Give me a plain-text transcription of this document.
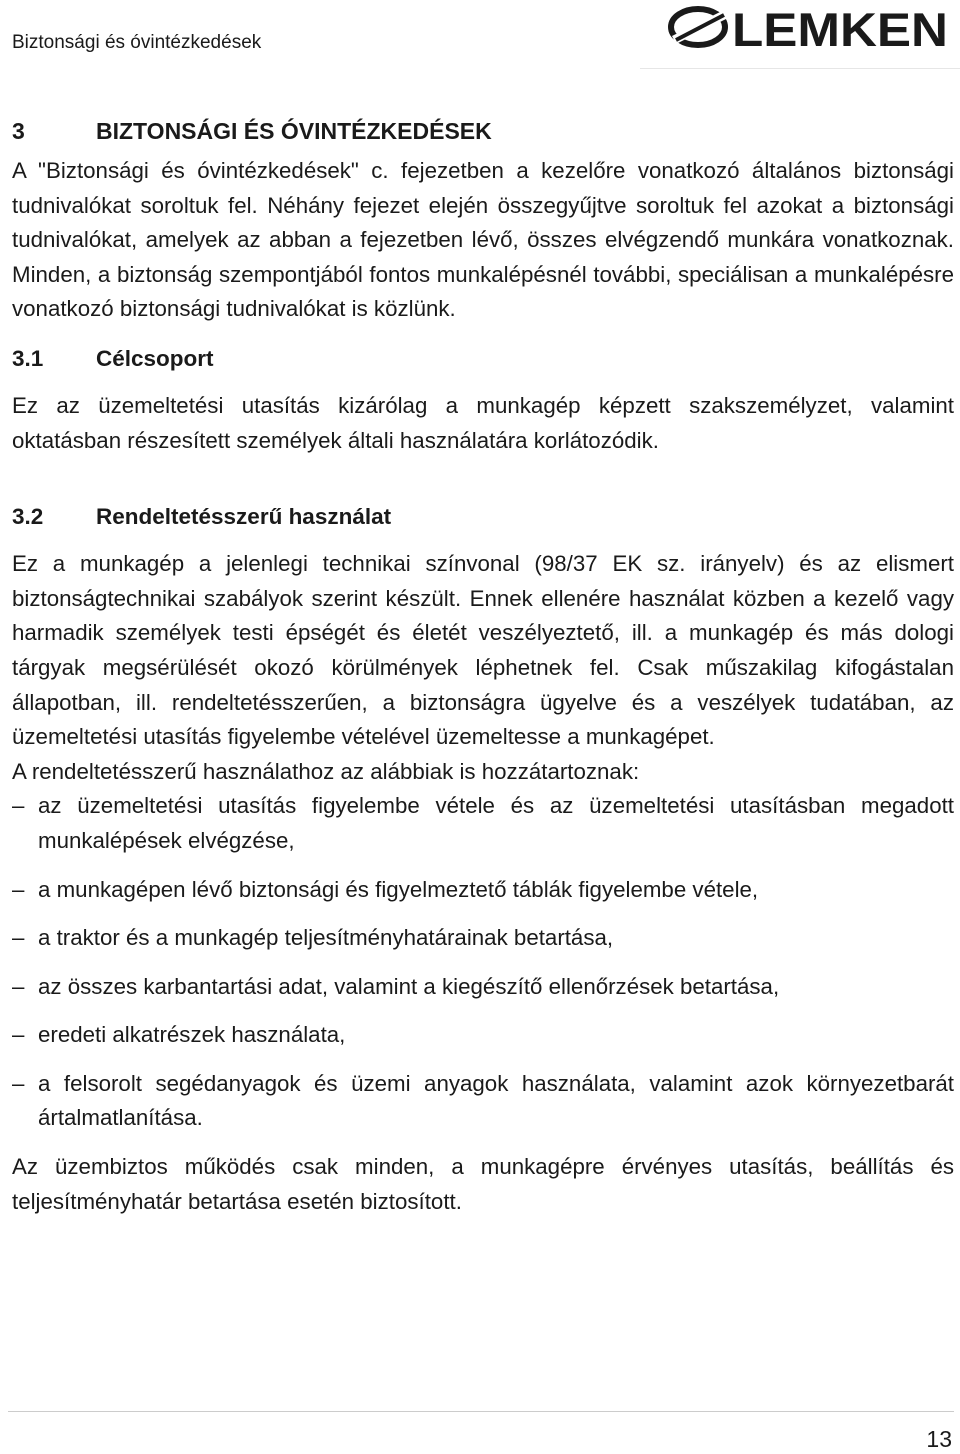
Biztonsági és óvintézkedések	LEMKEN
3	BIZTONSÁGI ÉS ÓVINTÉZKEDÉSEK

A "Biztonsági és óvintézkedések" c. fejezetben a kezelőre vonatkozó általános biztonsági tudnivalókat soroltuk fel. Néhány fejezet elején összegyűjtve soroltuk fel azokat a biztonsági tudnivalókat, amelyek az abban a fejezetben lévő, összes elvégzendő munkára vonatkoznak. Minden, a biztonság szempontjából fontos munkalépésnél további, speciálisan a munkalépésre vonatkozó biztonsági tudnivalókat is közlünk.

3.1	Célcsoport

Ez az üzemeltetési utasítás kizárólag a munkagép képzett szakszemélyzet, valamint oktatásban részesített személyek általi használatára korlátozódik.

3.2	Rendeltetésszerű használat

Ez a munkagép a jelenlegi technikai színvonal (98/37 EK sz. irányelv) és az elismert biztonságtechnikai szabályok szerint készült. Ennek ellenére használat közben a kezelő vagy harmadik személyek testi épségét és életét veszélyeztető, ill. a munkagép és más dologi tárgyak megsérülését okozó körülmények léphetnek fel. Csak műszakilag kifogástalan állapotban, ill. rendeltetésszerűen, a biztonságra ügyelve és a veszélyek tudatában, az üzemeltetési utasítás figyelembe vételével üzemeltesse a munkagépet.

A rendeltetésszerű használathoz az alábbiak is hozzátartoznak:

– az üzemeltetési utasítás figyelembe vétele és az üzemeltetési utasításban megadott munkalépések elvégzése,
– a munkagépen lévő biztonsági és figyelmeztető táblák figyelembe vétele,
– a traktor és a munkagép teljesítményhatárainak betartása,
– az összes karbantartási adat, valamint a kiegészítő ellenőrzések betartása,
– eredeti alkatrészek használata,
– a felsorolt segédanyagok és üzemi anyagok használata, valamint azok környezetbarát ártalmatlanítása.

Az üzembiztos működés csak minden, a munkagépre érvényes utasítás, beállítás és teljesítményhatár betartása esetén biztosított.

13
